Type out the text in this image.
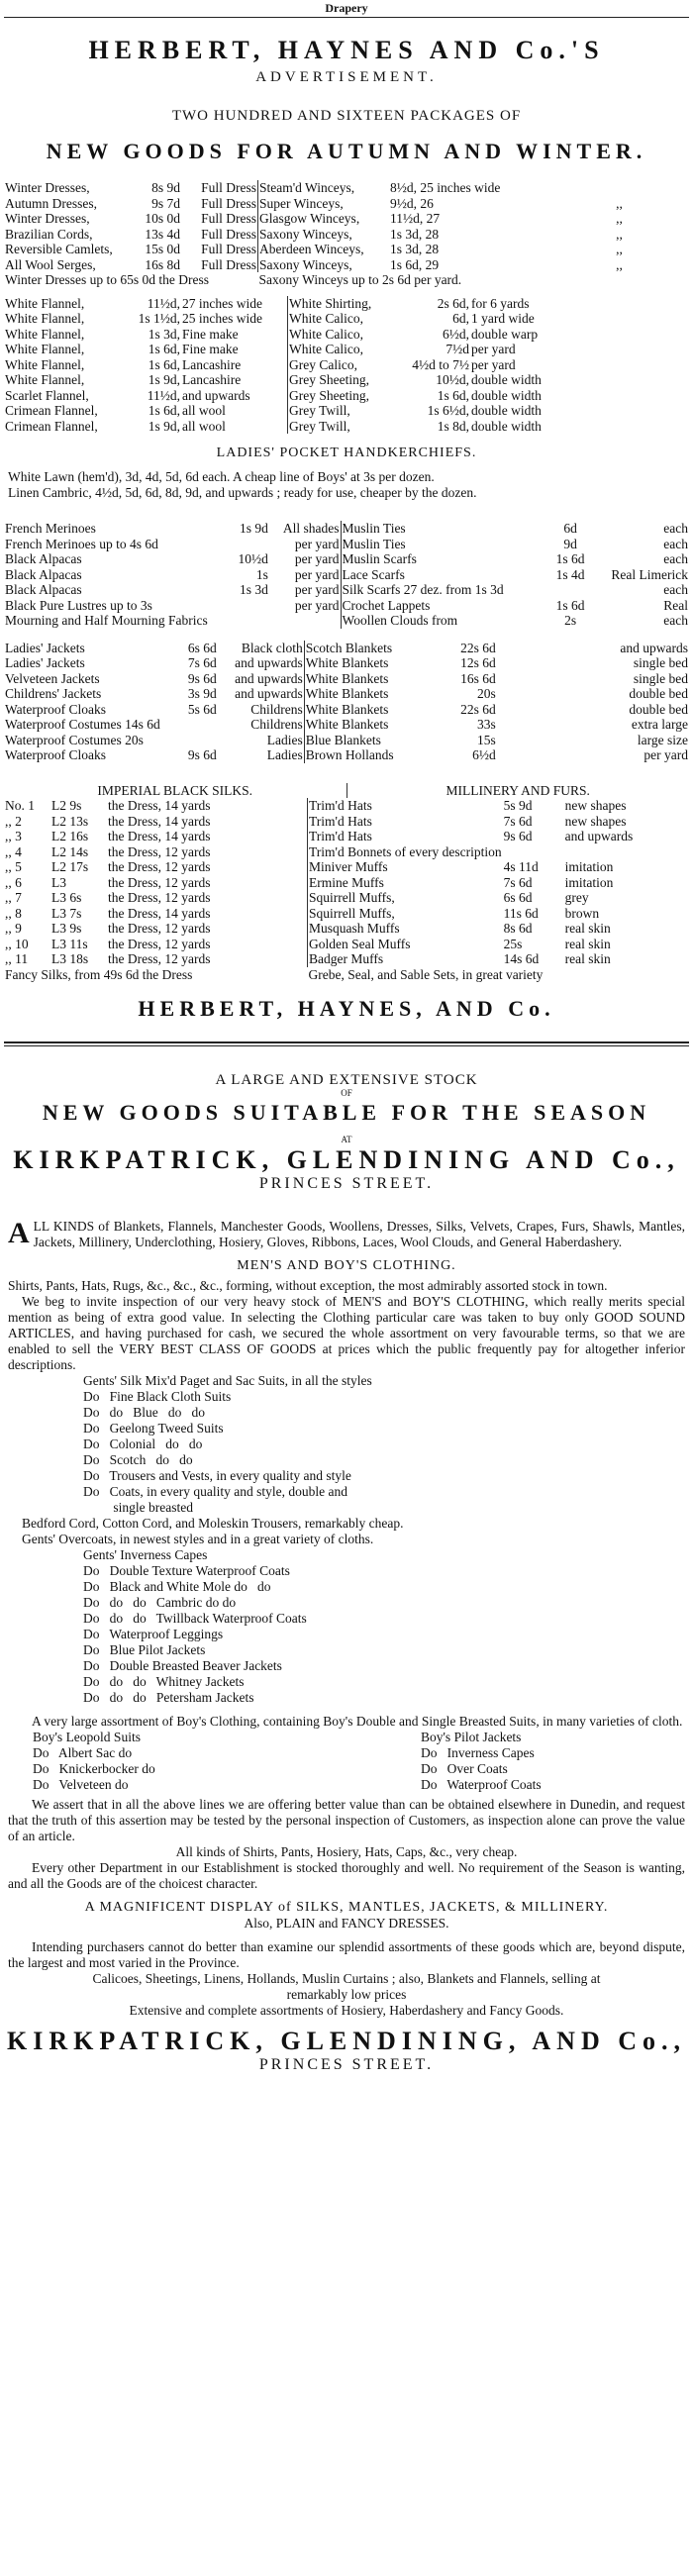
Drapery
HERBERT, HAYNES AND Co.'S
ADVERTISEMENT.
TWO HUNDRED AND SIXTEEN PACKAGES OF
NEW GOODS FOR AUTUMN AND WINTER.
Winter Dresses,	8s 9d	Full Dress	Steam'd Winceys,	8½d, 25 inches wide	
Autumn Dresses,	9s 7d	Full Dress	Super Winceys,	9½d, 26	,,
Winter Dresses,	10s 0d	Full Dress	Glasgow Winceys,	11½d, 27	,,
Brazilian Cords,	13s 4d	Full Dress	Saxony Winceys,	1s 3d, 28	,,
Reversible Camlets,	15s 0d	Full Dress	Aberdeen Winceys,	1s 3d, 28	,,
All Wool Serges,	16s 8d	Full Dress	Saxony Winceys,	1s 6d, 29	,,
Winter Dresses up to 65s 0d the Dress			Saxony Winceys up to 2s 6d per yard.		
White Flannel,	11½d,	27 inches wide	White Shirting,	2s 6d,	for 6 yards
White Flannel,	1s 1½d,	25 inches wide	White Calico,	6d,	1 yard wide
White Flannel,	1s 3d,	Fine make	White Calico,	6½d,	double warp
White Flannel,	1s 6d,	Fine make	White Calico,	7½d	per yard
White Flannel,	1s 6d,	Lancashire	Grey Calico,	4½d to 7½	per yard
White Flannel,	1s 9d,	Lancashire	Grey Sheeting,	10½d,	double width
Scarlet Flannel,	11½d,	and upwards	Grey Sheeting,	1s 6d,	double width
Crimean Flannel,	1s 6d,	all wool	Grey Twill,	1s 6½d,	double width
Crimean Flannel,	1s 9d,	all wool	Grey Twill,	1s 8d,	double width
LADIES' POCKET HANDKERCHIEFS.
White Lawn (hem'd), 3d, 4d, 5d, 6d each. A cheap line of Boys' at 3s per dozen.
Linen Cambric, 4½d, 5d, 6d, 8d, 9d, and upwards ; ready for use, cheaper by the dozen.
French Merinoes	1s 9d	All shades	Muslin Ties	6d	each
French Merinoes up to 4s 6d		per yard	Muslin Ties	9d	each
Black Alpacas	10½d	per yard	Muslin Scarfs	1s 6d	each
Black Alpacas	1s	per yard	Lace Scarfs	1s 4d	Real Limerick
Black Alpacas	1s 3d	per yard	Silk Scarfs 27 dez. from 1s 3d		each
Black Pure Lustres up to 3s		per yard	Crochet Lappets	1s 6d	Real
Mourning and Half Mourning Fabrics			Woollen Clouds from	2s	each
Ladies' Jackets	6s 6d	Black cloth	Scotch Blankets	22s 6d	and upwards
Ladies' Jackets	7s 6d	and upwards	White Blankets	12s 6d	single bed
Velveteen Jackets	9s 6d	and upwards	White Blankets	16s 6d	single bed
Childrens' Jackets	3s 9d	and upwards	White Blankets	20s	double bed
Waterproof Cloaks	5s 6d	Childrens	White Blankets	22s 6d	double bed
Waterproof Costumes 14s 6d		Childrens	White Blankets	33s	extra large
Waterproof Costumes 20s		Ladies	Blue Blankets	15s	large size
Waterproof Cloaks	9s 6d	Ladies	Brown Hollands	6½d	per yard
IMPERIAL BLACK SILKS.	MILLINERY AND FURS.
No. 1	L2 9s	the Dress, 14 yards	Trim'd Hats	5s 9d	new shapes
,, 2	L2 13s	the Dress, 14 yards	Trim'd Hats	7s 6d	new shapes
,, 3	L2 16s	the Dress, 14 yards	Trim'd Hats	9s 6d	and upwards
,, 4	L2 14s	the Dress, 12 yards	Trim'd Bonnets of every description		
,, 5	L2 17s	the Dress, 12 yards	Miniver Muffs	4s 11d	imitation
,, 6	L3	the Dress, 12 yards	Ermine Muffs	7s 6d	imitation
,, 7	L3 6s	the Dress, 12 yards	Squirrell Muffs,	6s 6d	grey
,, 8	L3 7s	the Dress, 14 yards	Squirrell Muffs,	11s 6d	brown
,, 9	L3 9s	the Dress, 12 yards	Musquash Muffs	8s 6d	real skin
,, 10	L3 11s	the Dress, 12 yards	Golden Seal Muffs	25s	real skin
,, 11	L3 18s	the Dress, 12 yards	Badger Muffs	14s 6d	real skin
Fancy Silks, from 49s 6d the Dress			Grebe, Seal, and Sable Sets, in great variety		
HERBERT, HAYNES, AND Co.
A LARGE AND EXTENSIVE STOCK
OF
NEW GOODS SUITABLE FOR THE SEASON
AT
KIRKPATRICK, GLENDINING AND Co.,
PRINCES STREET.
A LL KINDS of Blankets, Flannels, Manchester Goods, Woollens, Dresses, Silks, Velvets, Crapes, Furs, Shawls, Mantles, Jackets, Millinery, Underclothing, Hosiery, Gloves, Ribbons, Laces, Wool Clouds, and General Haberdashery.
MEN'S AND BOY'S CLOTHING.
Shirts, Pants, Hats, Rugs, &c., &c., &c., forming, without exception, the most admirably assorted stock in town.
We beg to invite inspection of our very heavy stock of MEN'S and BOY'S CLOTHING, which really merits special mention as being of extra good value. In selecting the Clothing particular care was taken to buy only GOOD SOUND ARTICLES, and having purchased for cash, we secured the whole assortment on very favourable terms, so that we are enabled to sell the VERY BEST CLASS OF GOODS at prices which the public frequently pay for altogether inferior descriptions.
Gents' Silk Mix'd Paget and Sac Suits, in all the styles
Do   Fine Black Cloth Suits
Do   do   Blue   do   do
Do   Geelong Tweed Suits
Do   Colonial   do   do
Do   Scotch   do   do
Do   Trousers and Vests, in every quality and style
Do   Coats, in every quality and style, double and
single breasted
Bedford Cord, Cotton Cord, and Moleskin Trousers, remarkably cheap.
Gents' Overcoats, in newest styles and in a great variety of cloths.
Gents' Inverness Capes
Do   Double Texture Waterproof Coats
Do   Black and White Mole do   do
Do   do   do   Cambric do do
Do   do   do   Twillback Waterproof Coats
Do   Waterproof Leggings
Do   Blue Pilot Jackets
Do   Double Breasted Beaver Jackets
Do   do   do   Whitney Jackets
Do   do   do   Petersham Jackets
A very large assortment of Boy's Clothing, containing Boy's Double and Single Breasted Suits, in many varieties of cloth.
Boy's Leopold Suits
Do   Albert Sac do
Do   Knickerbocker do
Do   Velveteen do

Boy's Pilot Jackets
Do   Inverness Capes
Do   Over Coats
Do   Waterproof Coats
We assert that in all the above lines we are offering better value than can be obtained elsewhere in Dunedin, and request that the truth of this assertion may be tested by the personal inspection of Customers, as inspection alone can prove the value of an article.
All kinds of Shirts, Pants, Hosiery, Hats, Caps, &c., very cheap.
Every other Department in our Establishment is stocked thoroughly and well. No requirement of the Season is wanting, and all the Goods are of the choicest character.
A MAGNIFICENT DISPLAY of SILKS, MANTLES, JACKETS, & MILLINERY.
Also, PLAIN and FANCY DRESSES.
Intending purchasers cannot do better than examine our splendid assortments of these goods which are, beyond dispute, the largest and most varied in the Province.
Calicoes, Sheetings, Linens, Hollands, Muslin Curtains ; also, Blankets and Flannels, selling at remarkably low prices
Extensive and complete assortments of Hosiery, Haberdashery and Fancy Goods.
KIRKPATRICK, GLENDINING, AND Co.,
PRINCES STREET.
